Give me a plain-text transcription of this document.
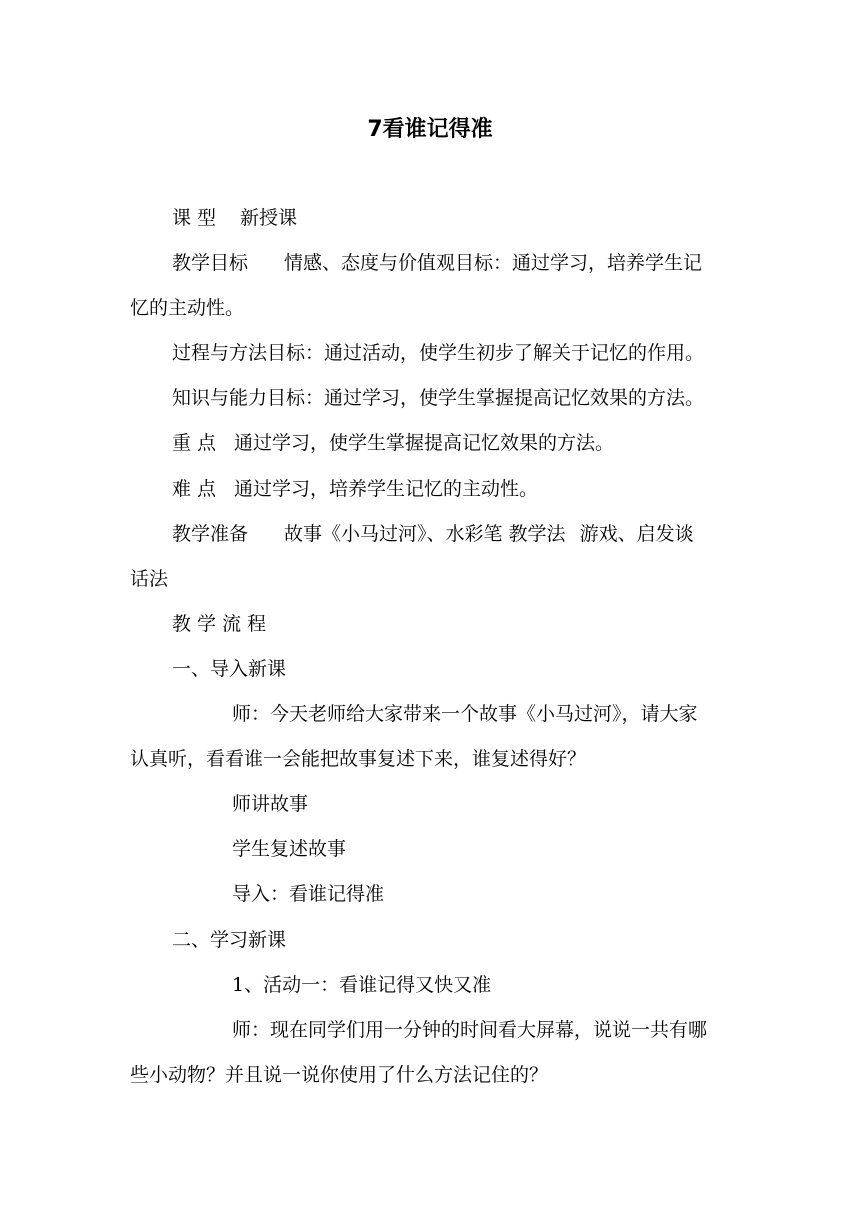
7看谁记得准
课 型 新授课
教学目标 情感、态度与价值观目标：通过学习，培养学生记
忆的主动性。
过程与方法目标：通过活动，使学生初步了解关于记忆的作用。
知识与能力目标：通过学习，使学生掌握提高记忆效果的方法。
重 点 通过学习，使学生掌握提高记忆效果的方法。
难 点 通过学习，培养学生记忆的主动性。
教学准备 故事《小马过河》、水彩笔 教学法 游戏、启发谈
话法
教 学 流 程
一、导入新课
师：今天老师给大家带来一个故事《小马过河》，请大家
认真听，看看谁一会能把故事复述下来，谁复述得好？
师讲故事
学生复述故事
导入：看谁记得准
二、学习新课
1、活动一：看谁记得又快又准
师：现在同学们用一分钟的时间看大屏幕，说说一共有哪
些小动物？并且说一说你使用了什么方法记住的？
